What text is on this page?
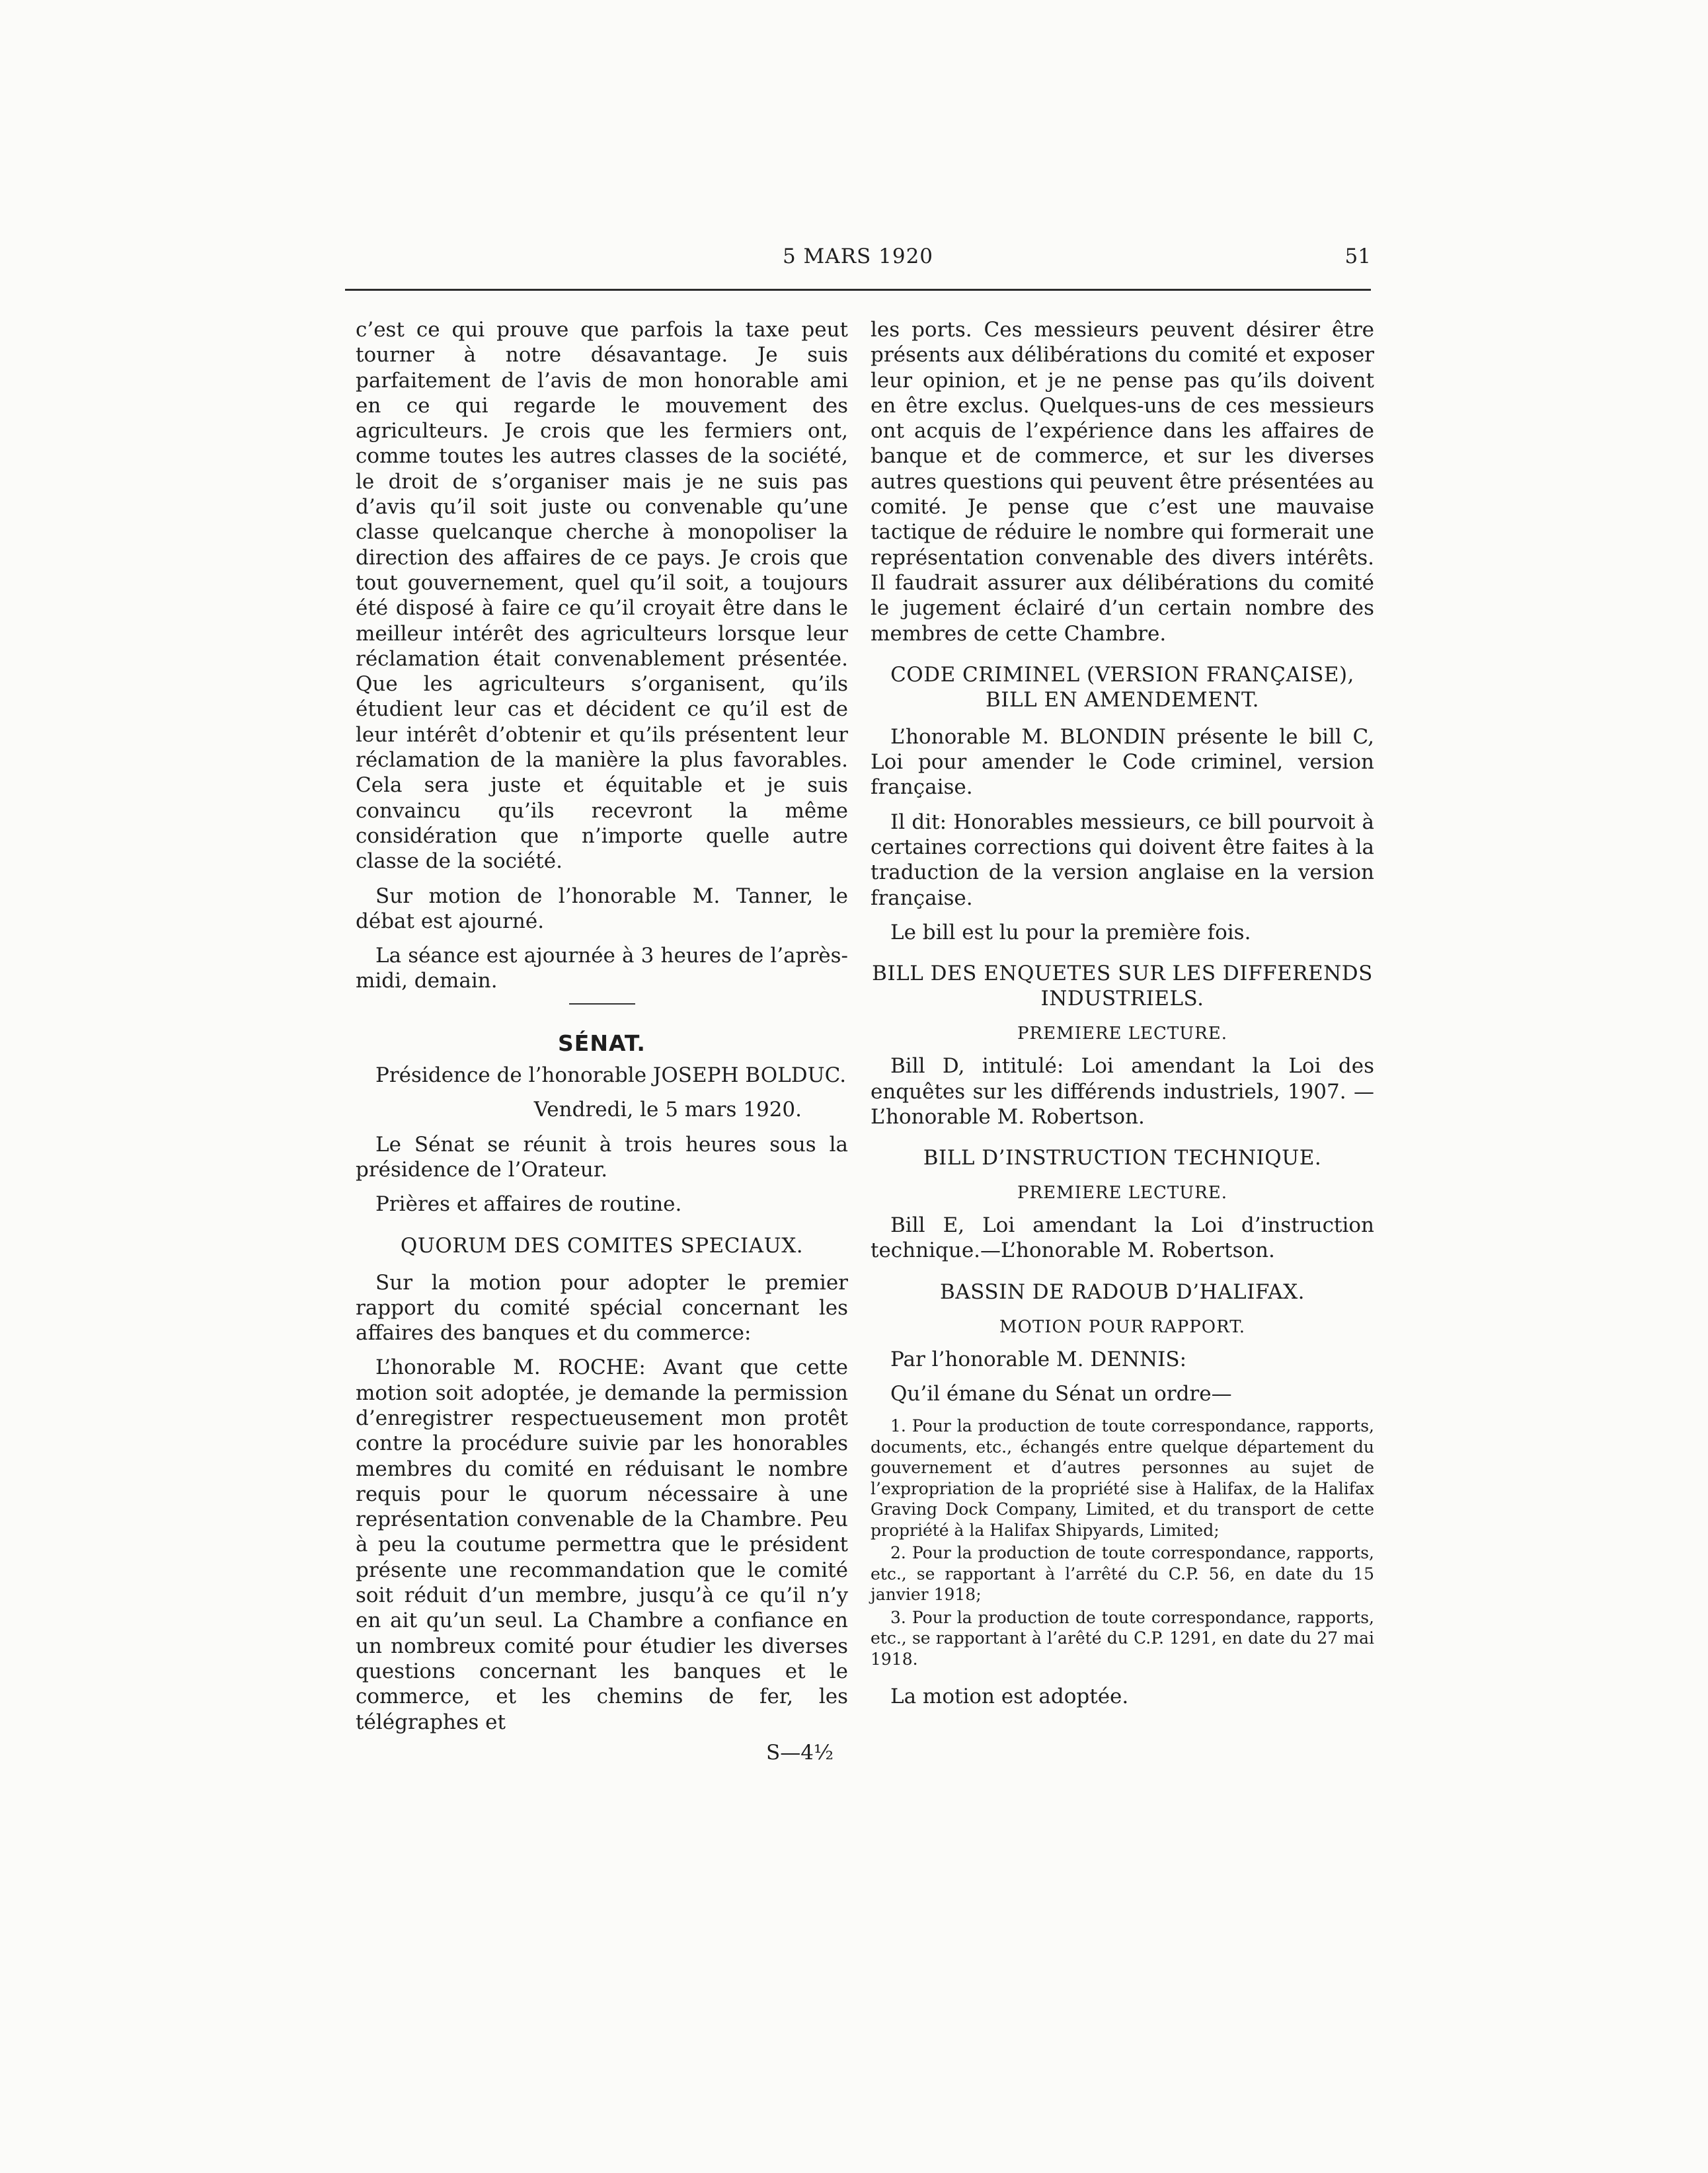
5 MARS 1920	51

c’est ce qui prouve que parfois la taxe peut tourner à notre désavantage. Je suis parfaitement de l’avis de mon honorable ami en ce qui regarde le mouvement des agriculteurs. Je crois que les fermiers ont, comme toutes les autres classes de la société, le droit de s’organiser mais je ne suis pas d’avis qu’il soit juste ou convenable qu’une classe quelcanque cherche à monopoliser la direction des affaires de ce pays. Je crois que tout gouvernement, quel qu’il soit, a toujours été disposé à faire ce qu’il croyait être dans le meilleur intérêt des agriculteurs lorsque leur réclamation était convenablement présentée. Que les agriculteurs s’organisent, qu’ils étudient leur cas et décident ce qu’il est de leur intérêt d’obtenir et qu’ils présentent leur réclamation de la manière la plus favorables. Cela sera juste et équitable et je suis convaincu qu’ils recevront la même considération que n’importe quelle autre classe de la société.

Sur motion de l’honorable M. Tanner, le débat est ajourné.

La séance est ajournée à 3 heures de l’après-midi, demain.

SÉNAT.

Présidence de l’honorable JOSEPH BOLDUC.

Vendredi, le 5 mars 1920.

Le Sénat se réunit à trois heures sous la présidence de l’Orateur.

Prières et affaires de routine.

QUORUM DES COMITES SPECIAUX.

Sur la motion pour adopter le premier rapport du comité spécial concernant les affaires des banques et du commerce:

L’honorable M. ROCHE: Avant que cette motion soit adoptée, je demande la permission d’enregistrer respectueusement mon protêt contre la procédure suivie par les honorables membres du comité en réduisant le nombre requis pour le quorum nécessaire à une représentation convenable de la Chambre. Peu à peu la coutume permettra que le président présente une recommandation que le comité soit réduit d’un membre, jusqu’à ce qu’il n’y en ait qu’un seul. La Chambre a confiance en un nombreux comité pour étudier les diverses questions concernant les banques et le commerce, et les chemins de fer, les télégraphes et

S—4½

les ports. Ces messieurs peuvent désirer être présents aux délibérations du comité et exposer leur opinion, et je ne pense pas qu’ils doivent en être exclus. Quelques-uns de ces messieurs ont acquis de l’expérience dans les affaires de banque et de commerce, et sur les diverses autres questions qui peuvent être présentées au comité. Je pense que c’est une mauvaise tactique de réduire le nombre qui formerait une représentation convenable des divers intérêts. Il faudrait assurer aux délibérations du comité le jugement éclairé d’un certain nombre des membres de cette Chambre.

CODE CRIMINEL (VERSION FRANÇAISE), BILL EN AMENDEMENT.

L’honorable M. BLONDIN présente le bill C, Loi pour amender le Code criminel, version française.

Il dit: Honorables messieurs, ce bill pourvoit à certaines corrections qui doivent être faites à la traduction de la version anglaise en la version française.

Le bill est lu pour la première fois.

BILL DES ENQUETES SUR LES DIFFERENDS INDUSTRIELS.
PREMIERE LECTURE.

Bill D, intitulé: Loi amendant la Loi des enquêtes sur les différends industriels, 1907. —L’honorable M. Robertson.

BILL D’INSTRUCTION TECHNIQUE.
PREMIERE LECTURE.

Bill E, Loi amendant la Loi d’instruction technique.—L’honorable M. Robertson.

BASSIN DE RADOUB D’HALIFAX.
MOTION POUR RAPPORT.

Par l’honorable M. DENNIS:

Qu’il émane du Sénat un ordre—

1. Pour la production de toute correspondance, rapports, documents, etc., échangés entre quelque département du gouvernement et d’autres personnes au sujet de l’expropriation de la propriété sise à Halifax, de la Halifax Graving Dock Company, Limited, et du transport de cette propriété à la Halifax Shipyards, Limited;

2. Pour la production de toute correspondance, rapports, etc., se rapportant à l’arrêté du C.P. 56, en date du 15 janvier 1918;

3. Pour la production de toute correspondance, rapports, etc., se rapportant à l’arêté du C.P. 1291, en date du 27 mai 1918.

La motion est adoptée.
